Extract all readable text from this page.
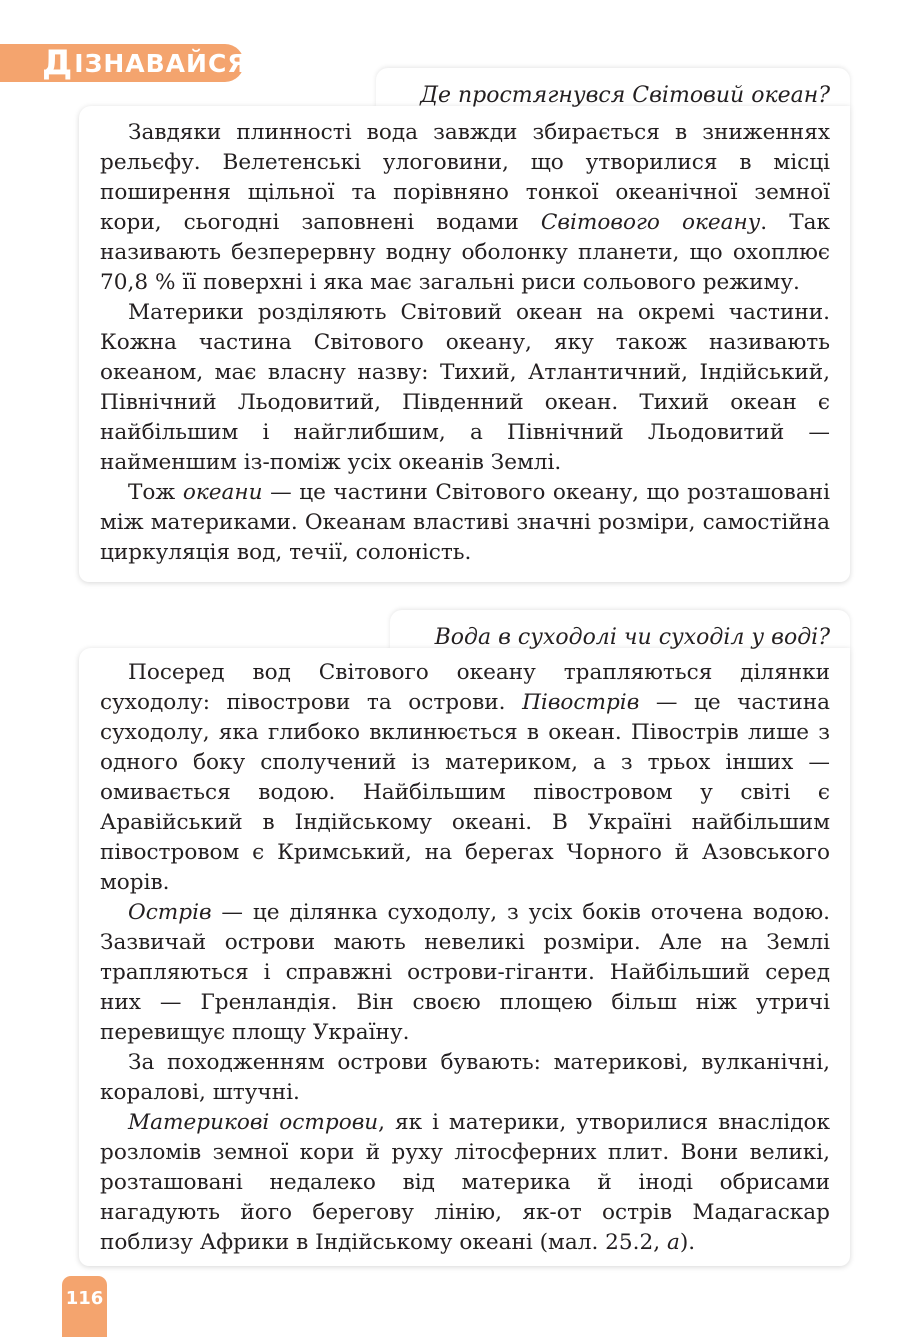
ДІЗНАВАЙСЯ
Де простягнувся Світовий океан?

Завдяки плинності вода завжди збирається в зниженнях рельєфу. Велетенські улоговини, що утворилися в місці поширення щільної та порівняно тонкої океанічної земної кори, сьогодні заповнені водами Світового океану. Так називають безперервну водну оболонку планети, що охоплює 70,8 % її поверхні і яка має загальні риси сольового режиму.

Материки розділяють Світовий океан на окремі частини. Кожна частина Світового океану, яку також називають океаном, має власну назву: Тихий, Атлантичний, Індійський, Північний Льодовитий, Південний океан. Тихий океан є найбільшим і найглибшим, а Північний Льодовитий — найменшим із-поміж усіх океанів Землі.

Тож океани — це частини Світового океану, що розташовані між материками. Океанам властиві значні розміри, самостійна циркуляція вод, течії, солоність.

Вода в суходолі чи суходіл у воді?

Посеред вод Світового океану трапляються ділянки суходолу: півострови та острови. Півострів — це частина суходолу, яка глибоко вклинюється в океан. Півострів лише з одного боку сполучений із материком, а з трьох інших — омивається водою. Найбільшим півостровом у світі є Аравійський в Індійському океані. В Україні найбільшим півостровом є Кримський, на берегах Чорного й Азовського морів.

Острів — це ділянка суходолу, з усіх боків оточена водою. Зазвичай острови мають невеликі розміри. Але на Землі трапляються і справжні острови-гіганти. Найбільший серед них — Гренландія. Він своєю площею більш ніж утричі перевищує площу Україну.

За походженням острови бувають: материкові, вулканічні, коралові, штучні.

Материкові острови, як і материки, утворилися внаслідок розломів земної кори й руху літосферних плит. Вони великі, розташовані недалеко від материка й іноді обрисами нагадують його берегову лінію, як-от острів Мадагаскар поблизу Африки в Індійському океані (мал. 25.2, а).

116
